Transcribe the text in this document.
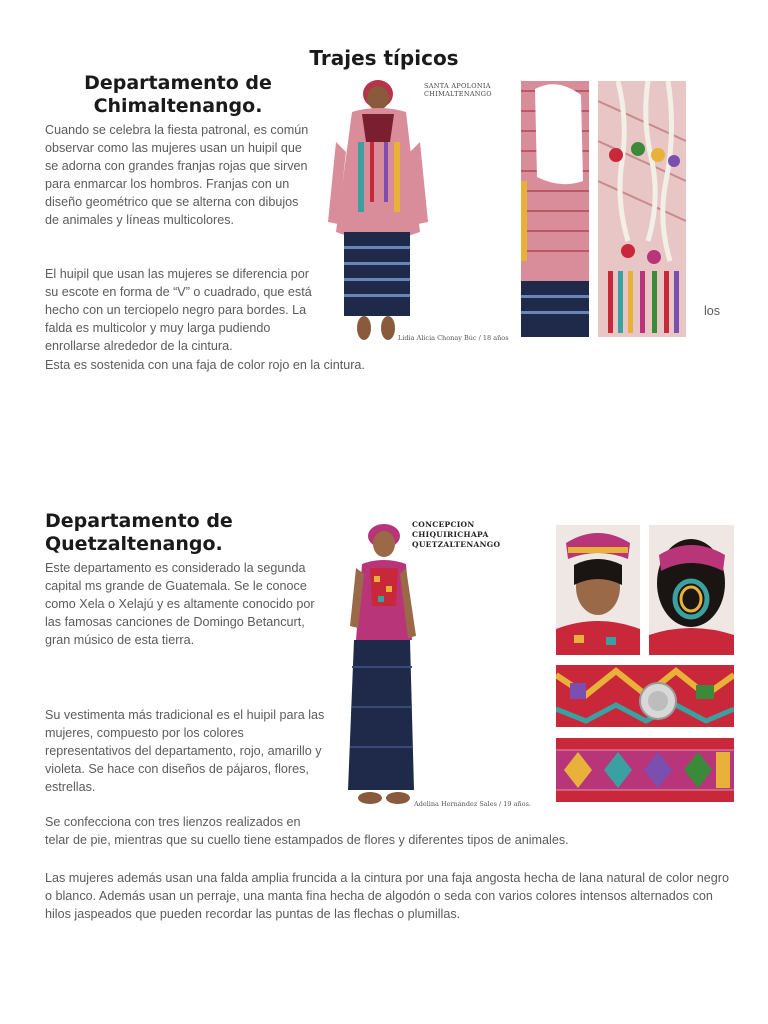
Trajes típicos
Departamento de Chimaltenango.

Cuando se celebra la fiesta patronal, es común observar como las mujeres usan un huipil que se adorna con grandes franjas rojas que sirven para enmarcar los hombros. Franjas con un diseño geométrico que se alterna con dibujos de animales y líneas multicolores.

El huipil que usan las mujeres se diferencia por su escote en forma de “V” o cuadrado, que está hecho con un terciopelo negro para bordes. La falda es multicolor y muy larga pudiendo enrollarse alrededor de la cintura.

Esta es sostenida con una faja de color rojo en la cintura.

los
SANTA APOLONIA
CHIMALTENANGO
Lidia Alicia Chonay Búc / 18 años
Departamento de Quetzaltenango.

Este departamento es considerado la segunda capital ms grande de Guatemala. Se le conoce como Xela o Xelajú y es altamente conocido por las famosas canciones de Domingo Betancurt, gran músico de esta tierra.

Su vestimenta más tradicional es el huipil para las mujeres, compuesto por los colores representativos del departamento, rojo, amarillo y violeta. Se hace con diseños de pájaros, flores, estrellas.

Se confecciona con tres lienzos realizados en

telar de pie, mientras que su cuello tiene estampados de flores y diferentes tipos de animales.

Las mujeres además usan una falda amplia fruncida a la cintura por una faja angosta hecha de lana natural de color negro o blanco. Además usan un perraje, una manta fina hecha de algodón o seda con varios colores intensos alternados con hilos jaspeados que pueden recordar las puntas de las flechas o plumillas.

CONCEPCION CHIQUIRICHAPA
QUETZALTENANGO
Adelina Hernández Sales / 19 años.
